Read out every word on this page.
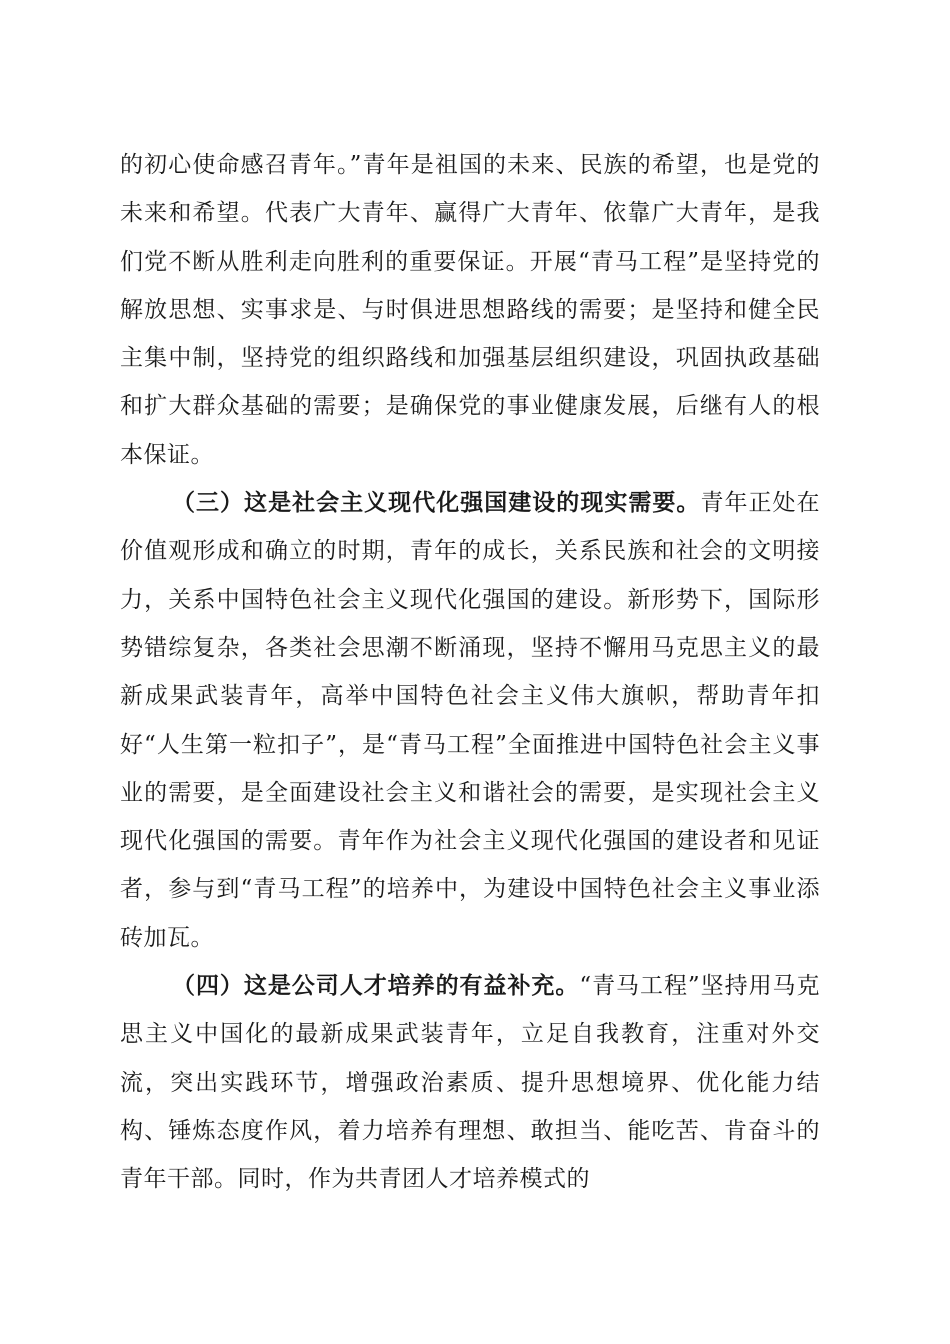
的初心使命感召青年。”青年是祖国的未来、民族的希望，也是党的未来和希望。代表广大青年、赢得广大青年、依靠广大青年，是我们党不断从胜利走向胜利的重要保证。开展“青马工程”是坚持党的解放思想、实事求是、与时俱进思想路线的需要；是坚持和健全民主集中制，坚持党的组织路线和加强基层组织建设，巩固执政基础和扩大群众基础的需要；是确保党的事业健康发展，后继有人的根本保证。

（三）这是社会主义现代化强国建设的现实需要。青年正处在价值观形成和确立的时期，青年的成长，关系民族和社会的文明接力，关系中国特色社会主义现代化强国的建设。新形势下，国际形势错综复杂，各类社会思潮不断涌现，坚持不懈用马克思主义的最新成果武装青年，高举中国特色社会主义伟大旗帜，帮助青年扣好“人生第一粒扣子”，是“青马工程”全面推进中国特色社会主义事业的需要，是全面建设社会主义和谐社会的需要，是实现社会主义现代化强国的需要。青年作为社会主义现代化强国的建设者和见证者，参与到“青马工程”的培养中，为建设中国特色社会主义事业添砖加瓦。

（四）这是公司人才培养的有益补充。“青马工程”坚持用马克思主义中国化的最新成果武装青年，立足自我教育，注重对外交流，突出实践环节，增强政治素质、提升思想境界、优化能力结构、锤炼态度作风，着力培养有理想、敢担当、能吃苦、肯奋斗的青年干部。同时，作为共青团人才培养模式的
